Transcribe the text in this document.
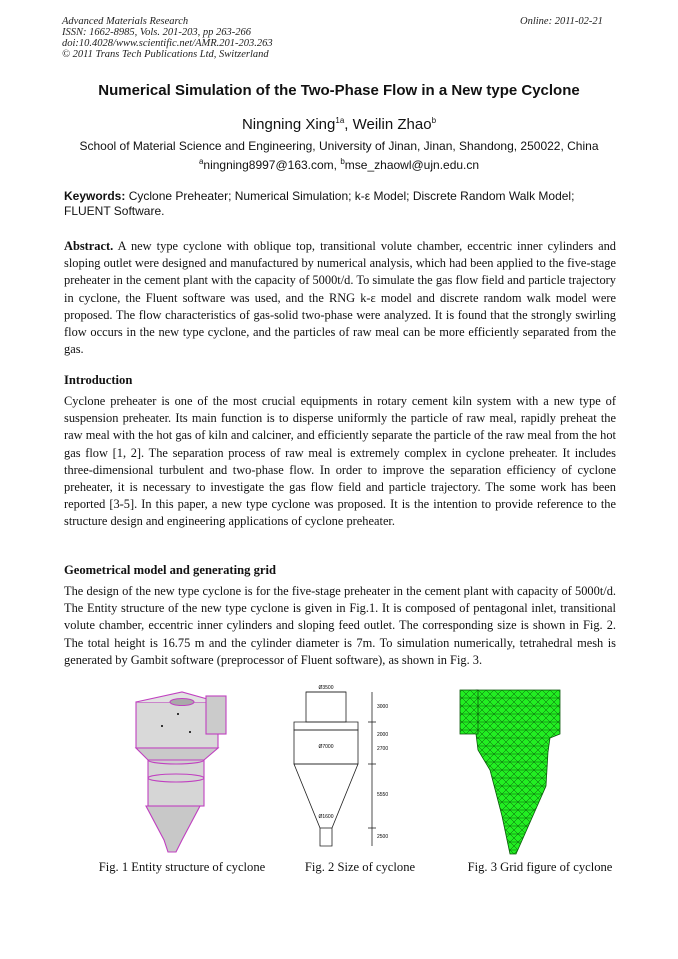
Advanced Materials Research
ISSN: 1662-8985, Vols. 201-203, pp 263-266
doi:10.4028/www.scientific.net/AMR.201-203.263
© 2011 Trans Tech Publications Ltd, Switzerland
Online: 2011-02-21
Numerical Simulation of the Two-Phase Flow in a New type Cyclone
Ningning Xing$^{1a}$, Weilin Zhao$^b$
School of Material Science and Engineering, University of Jinan, Jinan, Shandong, 250022, China
$^a$ningning8997@163.com, $^b$mse_zhaowl@ujn.edu.cn
Keywords: Cyclone Preheater; Numerical Simulation; k-ε Model; Discrete Random Walk Model; FLUENT Software.
Abstract. A new type cyclone with oblique top, transitional volute chamber, eccentric inner cylinders and sloping outlet were designed and manufactured by numerical analysis, which had been applied to the five-stage preheater in the cement plant with the capacity of 5000t/d. To simulate the gas flow field and particle trajectory in cyclone, the Fluent software was used, and the RNG k-ε model and discrete random walk model were proposed. The flow characteristics of gas-solid two-phase were analyzed. It is found that the strongly swirling flow occurs in the new type cyclone, and the particles of raw meal can be more efficiently separated from the gas.
Introduction
Cyclone preheater is one of the most crucial equipments in rotary cement kiln system with a new type of suspension preheater. Its main function is to disperse uniformly the particle of raw meal, rapidly preheat the raw meal with the hot gas of kiln and calciner, and efficiently separate the particle of the raw meal from the hot gas flow [1, 2]. The separation process of raw meal is extremely complex in cyclone preheater. It includes three-dimensional turbulent and two-phase flow. In order to improve the separation efficiency of cyclone preheater, it is necessary to investigate the gas flow field and particle trajectory. The some work has been reported [3-5]. In this paper, a new type cyclone was proposed. It is the intention to provide reference to the structure design and engineering applications of cyclone preheater.
Geometrical model and generating grid
The design of the new type cyclone is for the five-stage preheater in the cement plant with capacity of 5000t/d. The Entity structure of the new type cyclone is given in Fig.1. It is composed of pentagonal inlet, transitional volute chamber, eccentric inner cylinders and sloping feed outlet. The corresponding size is shown in Fig. 2. The total height is 16.75 m and the cylinder diameter is 7m. To simulation numerically, tetrahedral mesh is generated by Gambit software (preprocessor of Fluent software), as shown in Fig. 3.
Ø3500
3000
2000
Ø7000	2700
5550
Ø1600
2500
Fig. 1 Entity structure of cyclone	Fig. 2 Size of cyclone	Fig. 3 Grid figure of cyclone
